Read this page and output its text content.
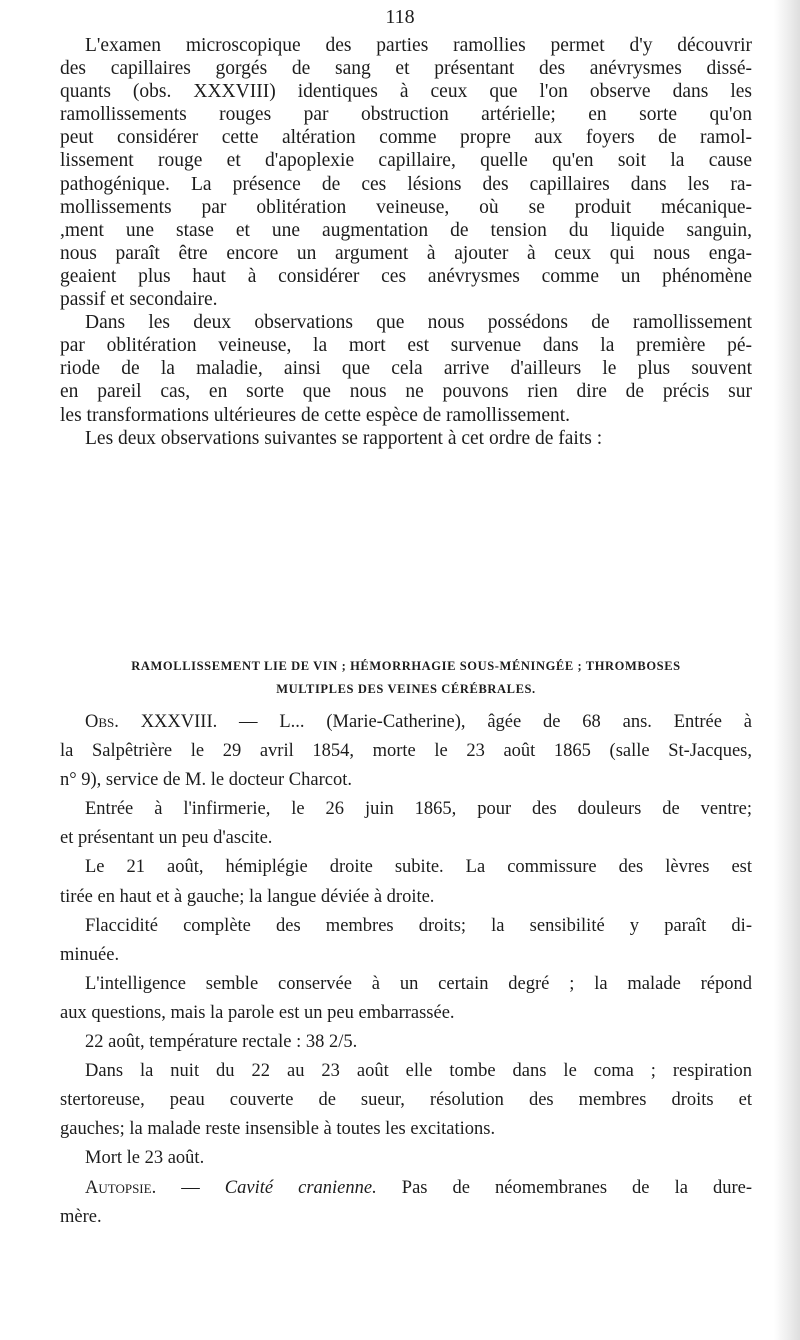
118
L'examen microscopique des parties ramollies permet d'y découvrir
des capillaires gorgés de sang et présentant des anévrysmes dissé-
quants (obs. XXXVIII) identiques à ceux que l'on observe dans les
ramollissements rouges par obstruction artérielle; en sorte qu'on
peut considérer cette altération comme propre aux foyers de ramol-
lissement rouge et d'apoplexie capillaire, quelle qu'en soit la cause
pathogénique. La présence de ces lésions des capillaires dans les ra-
mollissements par oblitération veineuse, où se produit mécanique-
,ment une stase et une augmentation de tension du liquide sanguin,
nous paraît être encore un argument à ajouter à ceux qui nous enga-
geaient plus haut à considérer ces anévrysmes comme un phénomène
passif et secondaire.
Dans les deux observations que nous possédons de ramollissement
par oblitération veineuse, la mort est survenue dans la première pé-
riode de la maladie, ainsi que cela arrive d'ailleurs le plus souvent
en pareil cas, en sorte que nous ne pouvons rien dire de précis sur
les transformations ultérieures de cette espèce de ramollissement.
Les deux observations suivantes se rapportent à cet ordre de faits :
RAMOLLISSEMENT LIE DE VIN ; HÉMORRHAGIE SOUS-MÉNINGÉE ; THROMBOSES
MULTIPLES DES VEINES CÉRÉBRALES.
Obs. XXXVIII. — L... (Marie-Catherine), âgée de 68 ans. Entrée à
la Salpêtrière le 29 avril 1854, morte le 23 août 1865 (salle St-Jacques,
n° 9), service de M. le docteur Charcot.
Entrée à l'infirmerie, le 26 juin 1865, pour des douleurs de ventre;
et présentant un peu d'ascite.
Le 21 août, hémiplégie droite subite. La commissure des lèvres est
tirée en haut et à gauche; la langue déviée à droite.
Flaccidité complète des membres droits; la sensibilité y paraît di-
minuée.
L'intelligence semble conservée à un certain degré ; la malade répond
aux questions, mais la parole est un peu embarrassée.
22 août, température rectale : 38 2/5.
Dans la nuit du 22 au 23 août elle tombe dans le coma ; respiration
stertoreuse, peau couverte de sueur, résolution des membres droits et
gauches; la malade reste insensible à toutes les excitations.
Mort le 23 août.
Autopsie. — Cavité cranienne. Pas de néomembranes de la dure-
mère.
